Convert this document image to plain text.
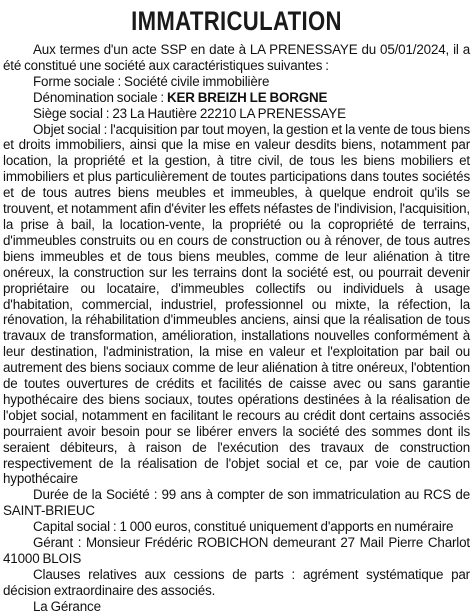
IMMATRICULATION

Aux termes d'un acte SSP en date à LA PRENESSAYE du 05/01/2024, il a été constitué une société aux caractéristiques suivantes :

Forme sociale : Société civile immobilière

Dénomination sociale : KER BREIZH LE BORGNE

Siège social : 23 La Hautière 22210 LA PRENESSAYE

Objet social : l'acquisition par tout moyen, la gestion et la vente de tous biens et droits immobiliers, ainsi que la mise en valeur desdits biens, notamment par location, la propriété et la gestion, à titre civil, de tous les biens mobiliers et immobiliers et plus particulièrement de toutes participations dans toutes sociétés et de tous autres biens meubles et immeubles, à quelque endroit qu'ils se trouvent, et notamment afin d'éviter les effets néfastes de l'indivision, l'acquisition, la prise à bail, la location-vente, la propriété ou la copropriété de terrains, d'immeubles construits ou en cours de construction ou à rénover, de tous autres biens immeubles et de tous biens meubles, comme de leur aliénation à titre onéreux, la construction sur les terrains dont la société est, ou pourrait devenir propriétaire ou locataire, d'immeubles collectifs ou individuels à usage d'habitation, commercial, industriel, professionnel ou mixte, la réfection, la rénovation, la réhabilitation d'immeubles anciens, ainsi que la réalisation de tous travaux de transformation, amélioration, installations nouvelles conformément à leur destination, l'administration, la mise en valeur et l'exploitation par bail ou autrement des biens sociaux comme de leur aliénation à titre onéreux, l'obtention de toutes ouvertures de crédits et facilités de caisse avec ou sans garantie hypothécaire des biens sociaux, toutes opérations destinées à la réalisation de l'objet social, notamment en facilitant le recours au crédit dont certains associés pourraient avoir besoin pour se libérer envers la société des sommes dont ils seraient débiteurs, à raison de l'exécution des travaux de construction respectivement de la réalisation de l'objet social et ce, par voie de caution hypothécaire

Durée de la Société : 99 ans à compter de son immatriculation au RCS de SAINT-BRIEUC

Capital social : 1 000 euros, constitué uniquement d'apports en numéraire

Gérant : Monsieur Frédéric ROBICHON demeurant 27 Mail Pierre Charlot 41000 BLOIS

Clauses relatives aux cessions de parts : agrément systématique par décision extraordinaire des associés.

La Gérance
